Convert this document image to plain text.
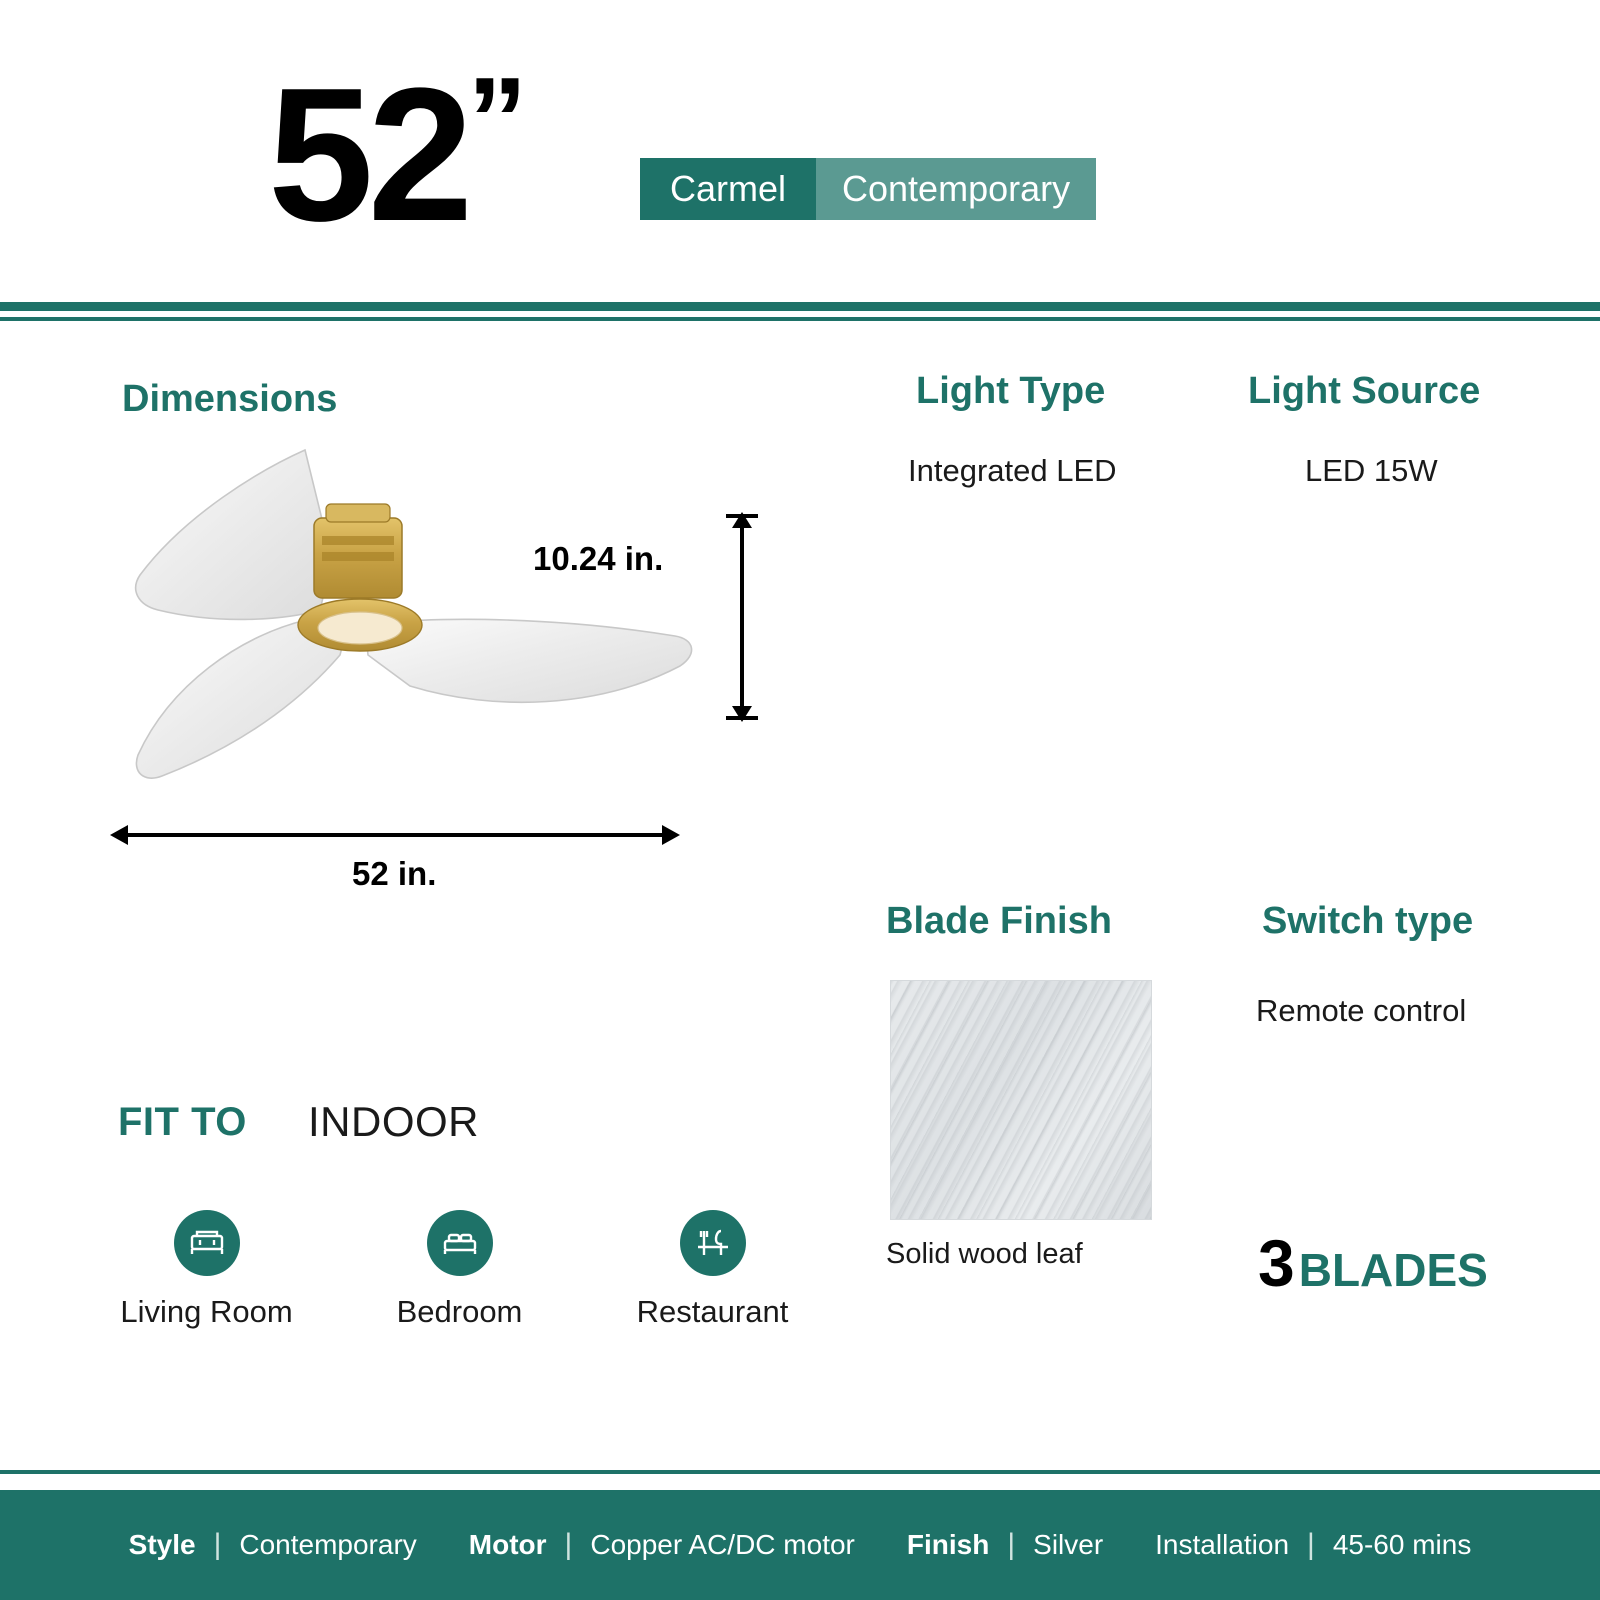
52”
Carmel	Contemporary
Dimensions
10.24 in.
52 in.
Light Type
Integrated LED
Light Source
LED 15W
Blade Finish
Solid wood leaf
Switch type
Remote control
3 BLADES
FIT TO INDOOR
Living Room	Bedroom	Restaurant
Style | Contemporary Motor | Copper AC/DC motor Finish | Silver Installation | 45-60 mins
